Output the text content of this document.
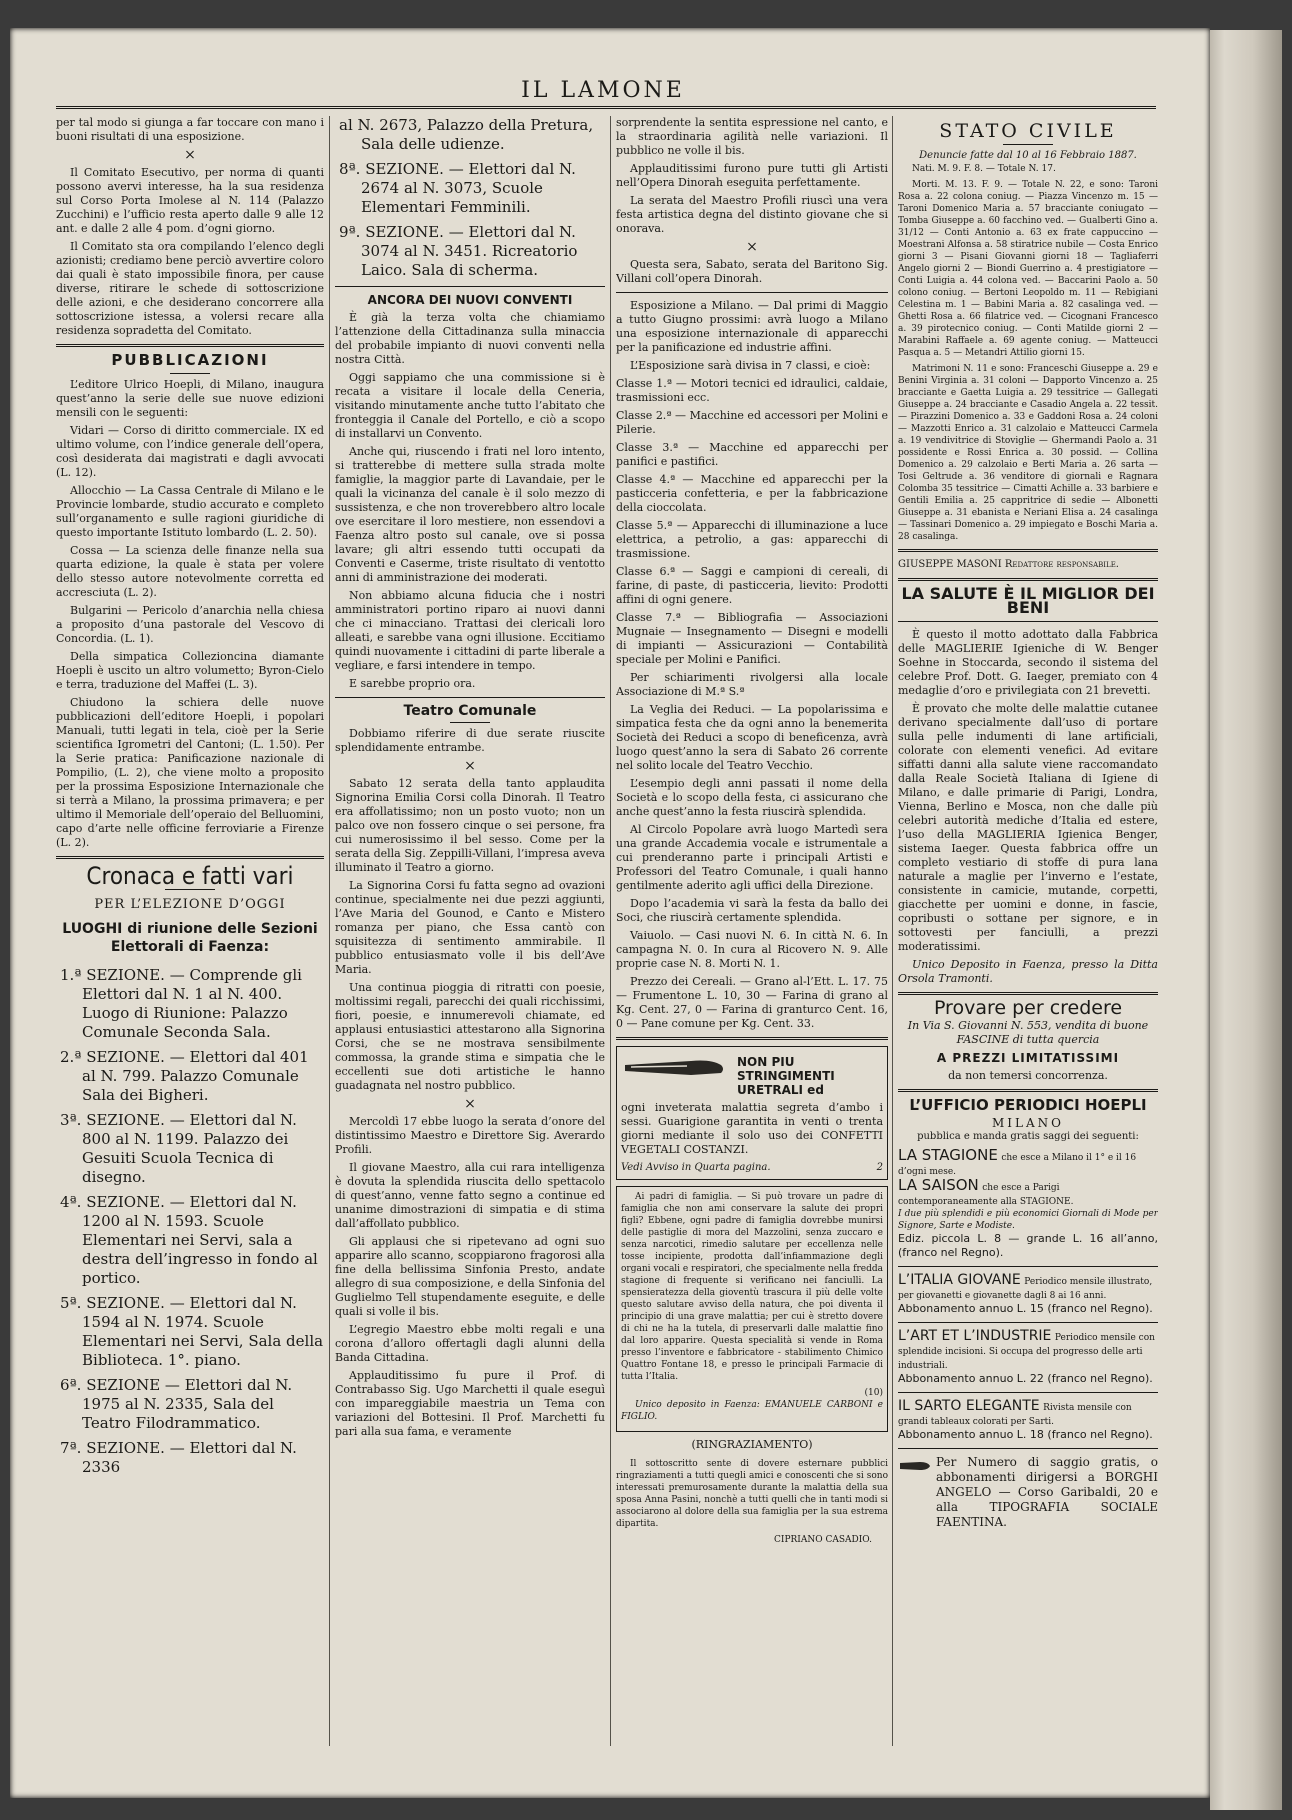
IL LAMONE

per tal modo si giunga a far toccare con mano i buoni risultati di una esposizione.

×

Il Comitato Esecutivo, per norma di quanti possono avervi interesse, ha la sua residenza sul Corso Porta Imolese al N. 114 (Palazzo Zucchini) e l’ufficio resta aperto dalle 9 alle 12 ant. e dalle 2 alle 4 pom. d’ogni giorno.

Il Comitato sta ora compilando l’elenco degli azionisti; crediamo bene perciò avvertire coloro dai quali è stato impossibile finora, per cause diverse, ritirare le schede di sottoscrizione delle azioni, e che desiderano concorrere alla sottoscrizione istessa, a volersi recare alla residenza sopradetta del Comitato.

PUBBLICAZIONI

L’editore Ulrico Hoepli, di Milano, inaugura quest’anno la serie delle sue nuove edizioni mensili con le seguenti:

Vidari — Corso di diritto commerciale. IX ed ultimo volume, con l’indice generale dell’opera, così desiderata dai magistrati e dagli avvocati (L. 12).

Allocchio — La Cassa Centrale di Milano e le Provincie lombarde, studio accurato e completo sull’organamento e sulle ragioni giuridiche di questo importante Istituto lombardo (L. 2. 50).

Cossa — La scienza delle finanze nella sua quarta edizione, la quale è stata per volere dello stesso autore notevolmente corretta ed accresciuta (L. 2).

Bulgarini — Pericolo d’anarchia nella chiesa a proposito d’una pastorale del Vescovo di Concordia. (L. 1).

Della simpatica Collezioncina diamante Hoepli è uscito un altro volumetto; Byron-Cielo e terra, traduzione del Maffei (L. 3).

Chiudono la schiera delle nuove pubblicazioni dell’editore Hoepli, i popolari Manuali, tutti legati in tela, cioè per la Serie scientifica Igrometri del Cantoni; (L. 1.50). Per la Serie pratica: Panificazione nazionale di Pompilio, (L. 2), che viene molto a proposito per la prossima Esposizione Internazionale che si terrà a Milano, la prossima primavera; e per ultimo il Memoriale dell’operaio del Belluomini, capo d’arte nelle officine ferroviarie a Firenze (L. 2).

Cronaca e fatti vari
PER L’ELEZIONE D’OGGI
LUOGHI di riunione delle Sezioni Elettorali di Faenza:

1.ª SEZIONE. — Comprende gli Elettori dal N. 1 al N. 400. Luogo di Riunione: Palazzo Comunale Seconda Sala.

2.ª SEZIONE. — Elettori dal 401 al N. 799. Palazzo Comunale Sala dei Bigheri.

3ª. SEZIONE. — Elettori dal N. 800 al N. 1199. Palazzo dei Gesuiti Scuola Tecnica di disegno.

4ª. SEZIONE. — Elettori dal N. 1200 al N. 1593. Scuole Elementari nei Servi, sala a destra dell’ingresso in fondo al portico.

5ª. SEZIONE. — Elettori dal N. 1594 al N. 1974. Scuole Elementari nei Servi, Sala della Biblioteca. 1°. piano.

6ª. SEZIONE — Elettori dal N. 1975 al N. 2335, Sala del Teatro Filodrammatico.

7ª. SEZIONE. — Elettori dal N. 2336

al N. 2673, Palazzo della Pretura, Sala delle udienze.

8ª. SEZIONE. — Elettori dal N. 2674 al N. 3073, Scuole Elementari Femminili.

9ª. SEZIONE. — Elettori dal N. 3074 al N. 3451. Ricreatorio Laico. Sala di scherma.

ANCORA DEI NUOVI CONVENTI

È già la terza volta che chiamiamo l’attenzione della Cittadinanza sulla minaccia del probabile impianto di nuovi conventi nella nostra Città.

Oggi sappiamo che una commissione si è recata a visitare il locale della Ceneria, visitando minutamente anche tutto l’abitato che fronteggia il Canale del Portello, e ciò a scopo di installarvi un Convento.

Anche qui, riuscendo i frati nel loro intento, si tratterebbe di mettere sulla strada molte famiglie, la maggior parte di Lavandaie, per le quali la vicinanza del canale è il solo mezzo di sussistenza, e che non troverebbero altro locale ove esercitare il loro mestiere, non essendovi a Faenza altro posto sul canale, ove si possa lavare; gli altri essendo tutti occupati da Conventi e Caserme, triste risultato di ventotto anni di amministrazione dei moderati.

Non abbiamo alcuna fiducia che i nostri amministratori portino riparo ai nuovi danni che ci minacciano. Trattasi dei clericali loro alleati, e sarebbe vana ogni illusione. Eccitiamo quindi nuovamente i cittadini di parte liberale a vegliare, e farsi intendere in tempo.

E sarebbe proprio ora.

Teatro Comunale

Dobbiamo riferire di due serate riuscite splendidamente entrambe.

×

Sabato 12 serata della tanto applaudita Signorina Emilia Corsi colla Dinorah. Il Teatro era affollatissimo; non un posto vuoto; non un palco ove non fossero cinque o sei persone, fra cui numerosissimo il bel sesso. Come per la serata della Sig. Zeppilli-Villani, l’impresa aveva illuminato il Teatro a giorno.

La Signorina Corsi fu fatta segno ad ovazioni continue, specialmente nei due pezzi aggiunti, l’Ave Maria del Gounod, e Canto e Mistero romanza per piano, che Essa cantò con squisitezza di sentimento ammirabile. Il pubblico entusiasmato volle il bis dell’Ave Maria.

Una continua pioggia di ritratti con poesie, moltissimi regali, parecchi dei quali ricchissimi, fiori, poesie, e innumerevoli chiamate, ed applausi entusiastici attestarono alla Signorina Corsi, che se ne mostrava sensibilmente commossa, la grande stima e simpatia che le eccellenti sue doti artistiche le hanno guadagnata nel nostro pubblico.

×

Mercoldì 17 ebbe luogo la serata d’onore del distintissimo Maestro e Direttore Sig. Averardo Profili.

Il giovane Maestro, alla cui rara intelligenza è dovuta la splendida riuscita dello spettacolo di quest’anno, venne fatto segno a continue ed unanime dimostrazioni di simpatia e di stima dall’affollato pubblico.

Gli applausi che si ripetevano ad ogni suo apparire allo scanno, scoppiarono fragorosi alla fine della bellissima Sinfonia Presto, andate allegro di sua composizione, e della Sinfonia del Guglielmo Tell stupendamente eseguite, e delle quali si volle il bis.

L’egregio Maestro ebbe molti regali e una corona d’alloro offertagli dagli alunni della Banda Cittadina.

Applauditissimo fu pure il Prof. di Contrabasso Sig. Ugo Marchetti il quale eseguì con impareggiabile maestria un Tema con variazioni del Bottesini. Il Prof. Marchetti fu pari alla sua fama, e veramente

sorprendente la sentita espressione nel canto, e la straordinaria agilità nelle variazioni. Il pubblico ne volle il bis.

Applauditissimi furono pure tutti gli Artisti nell’Opera Dinorah eseguita perfettamente.

La serata del Maestro Profili riuscì una vera festa artistica degna del distinto giovane che si onorava.

×

Questa sera, Sabato, serata del Baritono Sig. Villani coll’opera Dinorah.

Esposizione a Milano. — Dal primi di Maggio a tutto Giugno prossimi: avrà luogo a Milano una esposizione internazionale di apparecchi per la panificazione ed industrie affini.

L’Esposizione sarà divisa in 7 classi, e cioè:

Classe 1.ª — Motori tecnici ed idraulici, caldaie, trasmissioni ecc.

Classe 2.ª — Macchine ed accessori per Molini e Pilerie.

Classe 3.ª — Macchine ed apparecchi per panifici e pastifici.

Classe 4.ª — Macchine ed apparecchi per la pasticceria confetteria, e per la fabbricazione della cioccolata.

Classe 5.ª — Apparecchi di illuminazione a luce elettrica, a petrolio, a gas: apparecchi di trasmissione.

Classe 6.ª — Saggi e campioni di cereali, di farine, di paste, di pasticceria, lievito: Prodotti affini di ogni genere.

Classe 7.ª — Bibliografia — Associazioni Mugnaie — Insegnamento — Disegni e modelli di impianti — Assicurazioni — Contabilità speciale per Molini e Panifici.

Per schiarimenti rivolgersi alla locale Associazione di M.ª S.ª

La Veglia dei Reduci. — La popolarissima e simpatica festa che da ogni anno la benemerita Società dei Reduci a scopo di beneficenza, avrà luogo quest’anno la sera di Sabato 26 corrente nel solito locale del Teatro Vecchio.

L’esempio degli anni passati il nome della Società e lo scopo della festa, ci assicurano che anche quest’anno la festa riuscirà splendida.

Al Circolo Popolare avrà luogo Martedì sera una grande Accademia vocale e istrumentale a cui prenderanno parte i principali Artisti e Professori del Teatro Comunale, i quali hanno gentilmente aderito agli uffici della Direzione.

Dopo l’academia vi sarà la festa da ballo dei Soci, che riuscirà certamente splendida.

Vaiuolo. — Casi nuovi N. 6. In città N. 6. In campagna N. 0. In cura al Ricovero N. 9. Alle proprie case N. 8. Morti N. 1.

Prezzo dei Cereali. — Grano al-l’Ett. L. 17. 75 — Frumentone L. 10, 30 — Farina di grano al Kg. Cent. 27, 0 — Farina di granturco Cent. 16, 0 — Pane comune per Kg. Cent. 33.

NON PIU STRINGIMENTI URETRALI ed

ogni inveterata malattia segreta d’ambo i sessi. Guarigione garantita in venti o trenta giorni mediante il solo uso dei CONFETTI VEGETALI COSTANZI.

Vedi Avviso in Quarta pagina.	2

Ai padri di famiglia. — Si può trovare un padre di famiglia che non ami conservare la salute dei propri figli? Ebbene, ogni padre di famiglia dovrebbe munirsi delle pastiglie di mora del Mazzolini, senza zuccaro e senza narcotici, rimedio salutare per eccellenza nelle tosse incipiente, prodotta dall’infiammazione degli organi vocali e respiratori, che specialmente nella fredda stagione di frequente si verificano nei fanciulli. La spensieratezza della gioventù trascura il più delle volte questo salutare avviso della natura, che poi diventa il principio di una grave malattia; per cui è stretto dovere di chi ne ha la tutela, di preservarli dalle malattie fino dal loro apparire. Questa specialità si vende in Roma presso l’inventore e fabbricatore - stabilimento Chimico Quattro Fontane 18, e presso le principali Farmacie di tutta l’Italia.

(10)

Unico deposito in Faenza: EMANUELE CARBONI e FIGLIO.

(RINGRAZIAMENTO)

Il sottoscritto sente di dovere esternare pubblici ringraziamenti a tutti quegli amici e conoscenti che si sono interessati premurosamente durante la malattia della sua sposa Anna Pasini, nonchè a tutti quelli che in tanti modi si associarono al dolore della sua famiglia per la sua estrema dipartita.

CIPRIANO CASADIO.
STATO CIVILE
Denuncie fatte dal 10 al 16 Febbraio 1887.

Nati. M. 9. F. 8. — Totale N. 17.

Morti. M. 13. F. 9. — Totale N. 22, e sono: Taroni Rosa a. 22 colona coniug. — Piazza Vincenzo m. 15 — Taroni Domenico Maria a. 57 bracciante coniugato — Tomba Giuseppe a. 60 facchino ved. — Gualberti Gino a. 31/12 — Conti Antonio a. 63 ex frate cappuccino — Moestrani Alfonsa a. 58 stiratrice nubile — Costa Enrico giorni 3 — Pisani Giovanni giorni 18 — Tagliaferri Angelo giorni 2 — Biondi Guerrino a. 4 prestigiatore — Conti Luigia a. 44 colona ved. — Baccarini Paolo a. 50 colono coniug. — Bertoni Leopoldo m. 11 — Rebigiani Celestina m. 1 — Babini Maria a. 82 casalinga ved. — Ghetti Rosa a. 66 filatrice ved. — Cicognani Francesco a. 39 pirotecnico coniug. — Conti Matilde giorni 2 — Marabini Raffaele a. 69 agente coniug. — Matteucci Pasqua a. 5 — Metandri Attilio giorni 15.

Matrimoni N. 11 e sono: Franceschi Giuseppe a. 29 e Benini Virginia a. 31 coloni — Dapporto Vincenzo a. 25 bracciante e Gaetta Luigia a. 29 tessitrice — Gallegati Giuseppe a. 24 bracciante e Casadio Angela a. 22 tessit. — Pirazzini Domenico a. 33 e Gaddoni Rosa a. 24 coloni — Mazzotti Enrico a. 31 calzolaio e Matteucci Carmela a. 19 vendivitrice di Stoviglie — Ghermandi Paolo a. 31 possidente e Rossi Enrica a. 30 possid. — Collina Domenico a. 29 calzolaio e Berti Maria a. 26 sarta — Tosi Geltrude a. 36 venditore di giornali e Ragnara Colomba 35 tessitrice — Cimatti Achille a. 33 barbiere e Gentili Emilia a. 25 cappritrice di sedie — Albonetti Giuseppe a. 31 ebanista e Neriani Elisa a. 24 casalinga — Tassinari Domenico a. 29 impiegato e Boschi Maria a. 28 casalinga.

GIUSEPPE MASONI Redattore responsabile.
LA SALUTE È IL MIGLIOR DEI BENI

È questo il motto adottato dalla Fabbrica delle MAGLIERIE Igieniche di W. Benger Soehne in Stoccarda, secondo il sistema del celebre Prof. Dott. G. Iaeger, premiato con 4 medaglie d’oro e privilegiata con 21 brevetti.

È provato che molte delle malattie cutanee derivano specialmente dall’uso di portare sulla pelle indumenti di lane artificiali, colorate con elementi venefici. Ad evitare siffatti danni alla salute viene raccomandato dalla Reale Società Italiana di Igiene di Milano, e dalle primarie di Parigi, Londra, Vienna, Berlino e Mosca, non che dalle più celebri autorità mediche d’Italia ed estere, l’uso della MAGLIERIA Igienica Benger, sistema Iaeger. Questa fabbrica offre un completo vestiario di stoffe di pura lana naturale a maglie per l’inverno e l’estate, consistente in camicie, mutande, corpetti, giacchette per uomini e donne, in fascie, copribusti o sottane per signore, e in sottovesti per fanciulli, a prezzi moderatissimi.

Unico Deposito in Faenza, presso la Ditta Orsola Tramonti.

Provare per credere

In Via S. Giovanni N. 553, vendita di buone FASCINE di tutta quercia

A PREZZI LIMITATISSIMI

da non temersi concorrenza.

L’UFFICIO PERIODICI HOEPLI
MILANO
pubblica e manda gratis saggi dei seguenti:
LA STAGIONE che esce a Milano il 1° e il 16 d’ogni mese.
LA SAISON che esce a Parigi contemporaneamente alla STAGIONE.
I due più splendidi e più economici Giornali di Mode per Signore, Sarte e Modiste.
Ediz. piccola L. 8 — grande L. 16 all’anno, (franco nel Regno).
L’ITALIA GIOVANE Periodico mensile illustrato, per giovanetti e giovanette dagli 8 ai 16 anni.
Abbonamento annuo L. 15 (franco nel Regno).
L’ART ET L’INDUSTRIE Periodico mensile con splendide incisioni. Si occupa del progresso delle arti industriali.
Abbonamento annuo L. 22 (franco nel Regno).
IL SARTO ELEGANTE Rivista mensile con grandi tableaux colorati per Sarti.
Abbonamento annuo L. 18 (franco nel Regno).

Per Numero di saggio gratis, o abbonamenti dirigersi a BORGHI ANGELO — Corso Garibaldi, 20 e alla TIPOGRAFIA SOCIALE FAENTINA.
